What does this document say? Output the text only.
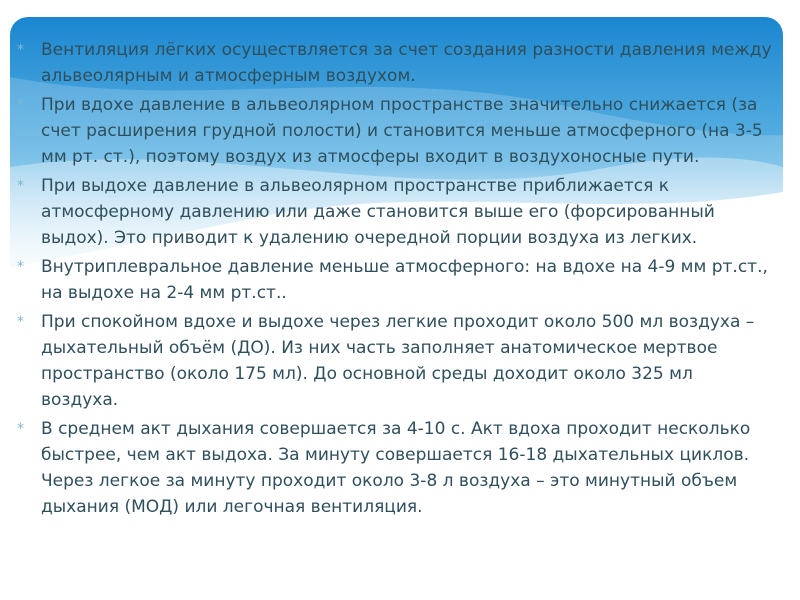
* Вентиляция лёгких осуществляется за счет создания разности давления между альвеолярным и атмосферным воздухом.
* При вдохе давление в альвеолярном пространстве значительно снижается (за счет расширения грудной полости) и становится меньше атмосферного (на 3-5 мм рт. ст.), поэтому воздух из атмосферы входит в воздухоносные пути.
* При выдохе давление в альвеолярном пространстве приближается к атмосферному давлению или даже становится выше его (форсированный выдох). Это приводит к удалению очередной порции воздуха из легких.
* Внутриплевральное давление меньше атмосферного: на вдохе на 4-9 мм рт.ст., на выдохе на 2-4 мм рт.ст..
* При спокойном вдохе и выдохе через легкие проходит около 500 мл воздуха – дыхательный объём (ДО). Из них часть заполняет анатомическое мертвое пространство (около 175 мл). До основной среды доходит около 325 мл воздуха.
* В среднем акт дыхания совершается за 4-10 с. Акт вдоха проходит несколько быстрее, чем акт выдоха. За минуту совершается 16-18 дыхательных циклов. Через легкое за минуту проходит около 3-8 л воздуха – это минутный объем дыхания (МОД) или легочная вентиляция.
